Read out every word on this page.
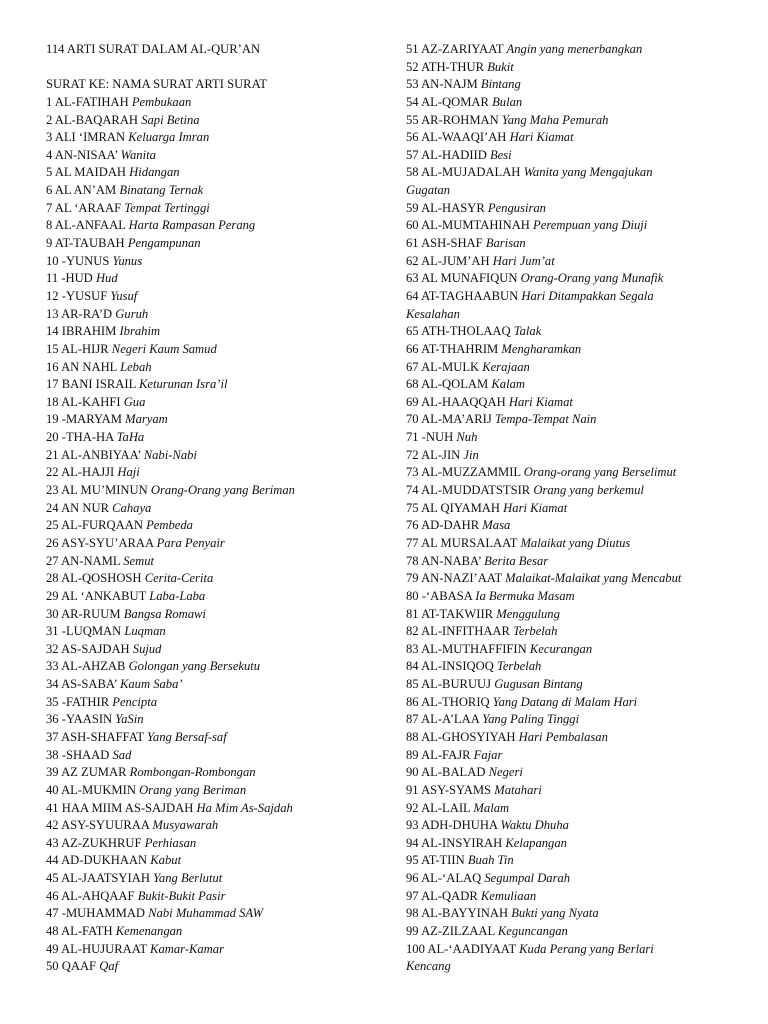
114 ARTI SURAT DALAM AL-QUR’AN
SURAT KE: NAMA SURAT ARTI SURAT
1 AL-FATIHAH Pembukaan
2 AL-BAQARAH Sapi Betina
3 ALI ‘IMRAN Keluarga Imran
4 AN-NISAA’ Wanita
5 AL MAIDAH Hidangan
6 AL AN’AM Binatang Ternak
7 AL ‘ARAAF Tempat Tertinggi
8 AL-ANFAAL Harta Rampasan Perang
9 AT-TAUBAH Pengampunan
10 -YUNUS Yunus
11 -HUD Hud
12 -YUSUF Yusuf
13 AR-RA’D Guruh
14 IBRAHIM Ibrahim
15 AL-HIJR Negeri Kaum Samud
16 AN NAHL Lebah
17 BANI ISRAIL Keturunan Isra’il
18 AL-KAHFI Gua
19 -MARYAM Maryam
20 -THA-HA TaHa
21 AL-ANBIYAA’ Nabi-Nabi
22 AL-HAJJI Haji
23 AL MU’MINUN Orang-Orang yang Beriman
24 AN NUR Cahaya
25 AL-FURQAAN Pembeda
26 ASY-SYU’ARAA Para Penyair
27 AN-NAML Semut
28 AL-QOSHOSH Cerita-Cerita
29 AL ‘ANKABUT Laba-Laba
30 AR-RUUM Bangsa Romawi
31 -LUQMAN Luqman
32 AS-SAJDAH Sujud
33 AL-AHZAB Golongan yang Bersekutu
34 AS-SABA’ Kaum Saba’
35 -FATHIR Pencipta
36 -YAASIN YaSin
37 ASH-SHAFFAT Yang Bersaf-saf
38 -SHAAD Sad
39 AZ ZUMAR Rombongan-Rombongan
40 AL-MUKMIN Orang yang Beriman
41 HAA MIIM AS-SAJDAH Ha Mim As-Sajdah
42 ASY-SYUURAA Musyawarah
43 AZ-ZUKHRUF Perhiasan
44 AD-DUKHAAN Kabut
45 AL-JAATSYIAH Yang Berlutut
46 AL-AHQAAF Bukit-Bukit Pasir
47 -MUHAMMAD Nabi Muhammad SAW
48 AL-FATH Kemenangan
49 AL-HUJURAAT Kamar-Kamar
50 QAAF Qaf
51 AZ-ZARIYAAT Angin yang menerbangkan
52 ATH-THUR Bukit
53 AN-NAJM Bintang
54 AL-QOMAR Bulan
55 AR-ROHMAN Yang Maha Pemurah
56 AL-WAAQI’AH Hari Kiamat
57 AL-HADIID Besi
58 AL-MUJADALAH Wanita yang Mengajukan
Gugatan
59 AL-HASYR Pengusiran
60 AL-MUMTAHINAH Perempuan yang Diuji
61 ASH-SHAF Barisan
62 AL-JUM’AH Hari Jum’at
63 AL MUNAFIQUN Orang-Orang yang Munafik
64 AT-TAGHAABUN Hari Ditampakkan Segala
Kesalahan
65 ATH-THOLAAQ Talak
66 AT-THAHRIM Mengharamkan
67 AL-MULK Kerajaan
68 AL-QOLAM Kalam
69 AL-HAAQQAH Hari Kiamat
70 AL-MA’ARIJ Tempa-Tempat Nain
71 -NUH Nuh
72 AL-JIN Jin
73 AL-MUZZAMMIL Orang-orang yang Berselimut
74 AL-MUDDATSTSIR Orang yang berkemul
75 AL QIYAMAH Hari Kiamat
76 AD-DAHR Masa
77 AL MURSALAAT Malaikat yang Diutus
78 AN-NABA’ Berita Besar
79 AN-NAZI’AAT Malaikat-Malaikat yang Mencabut
80 -‘ABASA Ia Bermuka Masam
81 AT-TAKWIIR Menggulung
82 AL-INFITHAAR Terbelah
83 AL-MUTHAFFIFIN Kecurangan
84 AL-INSIQOQ Terbelah
85 AL-BURUUJ Gugusan Bintang
86 AL-THORIQ Yang Datang di Malam Hari
87 AL-A’LAA Yang Paling Tinggi
88 AL-GHOSYIYAH Hari Pembalasan
89 AL-FAJR Fajar
90 AL-BALAD Negeri
91 ASY-SYAMS Matahari
92 AL-LAIL Malam
93 ADH-DHUHA Waktu Dhuha
94 AL-INSYIRAH Kelapangan
95 AT-TIIN Buah Tin
96 AL-‘ALAQ Segumpal Darah
97 AL-QADR Kemuliaan
98 AL-BAYYINAH Bukti yang Nyata
99 AZ-ZILZAAL Keguncangan
100 AL-‘AADIYAAT Kuda Perang yang Berlari
Kencang
